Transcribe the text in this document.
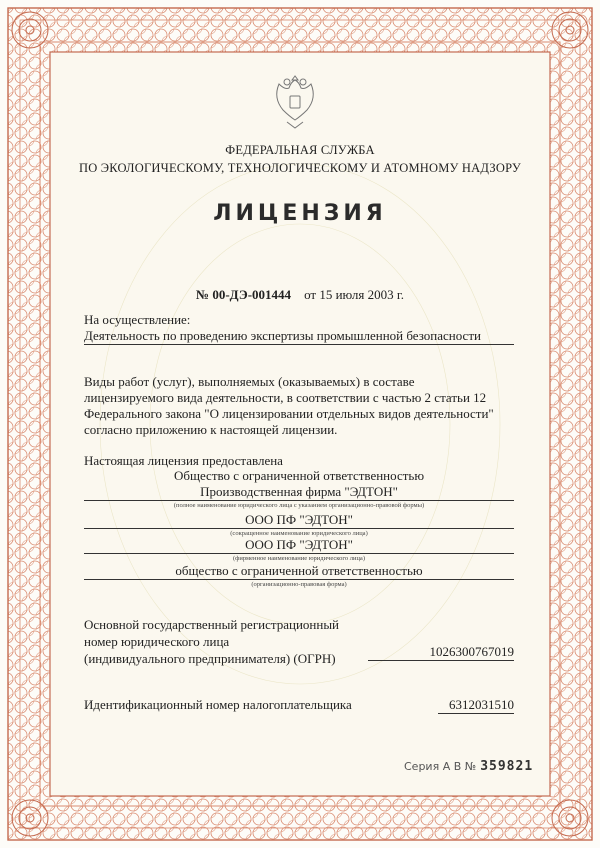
ФЕДЕРАЛЬНАЯ СЛУЖБА
ПО ЭКОЛОГИЧЕСКОМУ, ТЕХНОЛОГИЧЕСКОМУ И АТОМНОМУ НАДЗОРУ
ЛИЦЕНЗИЯ
№ 00-ДЭ-001444 от 15 июля 2003 г.
На осуществление:
Деятельность по проведению экспертизы промышленной безопасности
Виды работ (услуг), выполняемых (оказываемых) в составе
лицензируемого вида деятельности, в соответствии с частью 2 статьи 12
Федерального закона "О лицензировании отдельных видов деятельности"
согласно приложению к настоящей лицензии.
Настоящая лицензия предоставлена
Общество с ограниченной ответственностью
Производственная фирма "ЭДТОН"
(полное наименование юридического лица с указанием организационно-правовой формы)
ООО ПФ "ЭДТОН"
(сокращенное наименование юридического лица)
ООО ПФ "ЭДТОН"
(фирменное наименование юридического лица)
общество с ограниченной ответственностью
(организационно-правовая форма)
Основной государственный регистрационный
номер юридического лица
(индивидуального предпринимателя) (ОГРН)	1026300767019
Идентификационный номер налогоплательщика	6312031510
Серия А В № 359821
